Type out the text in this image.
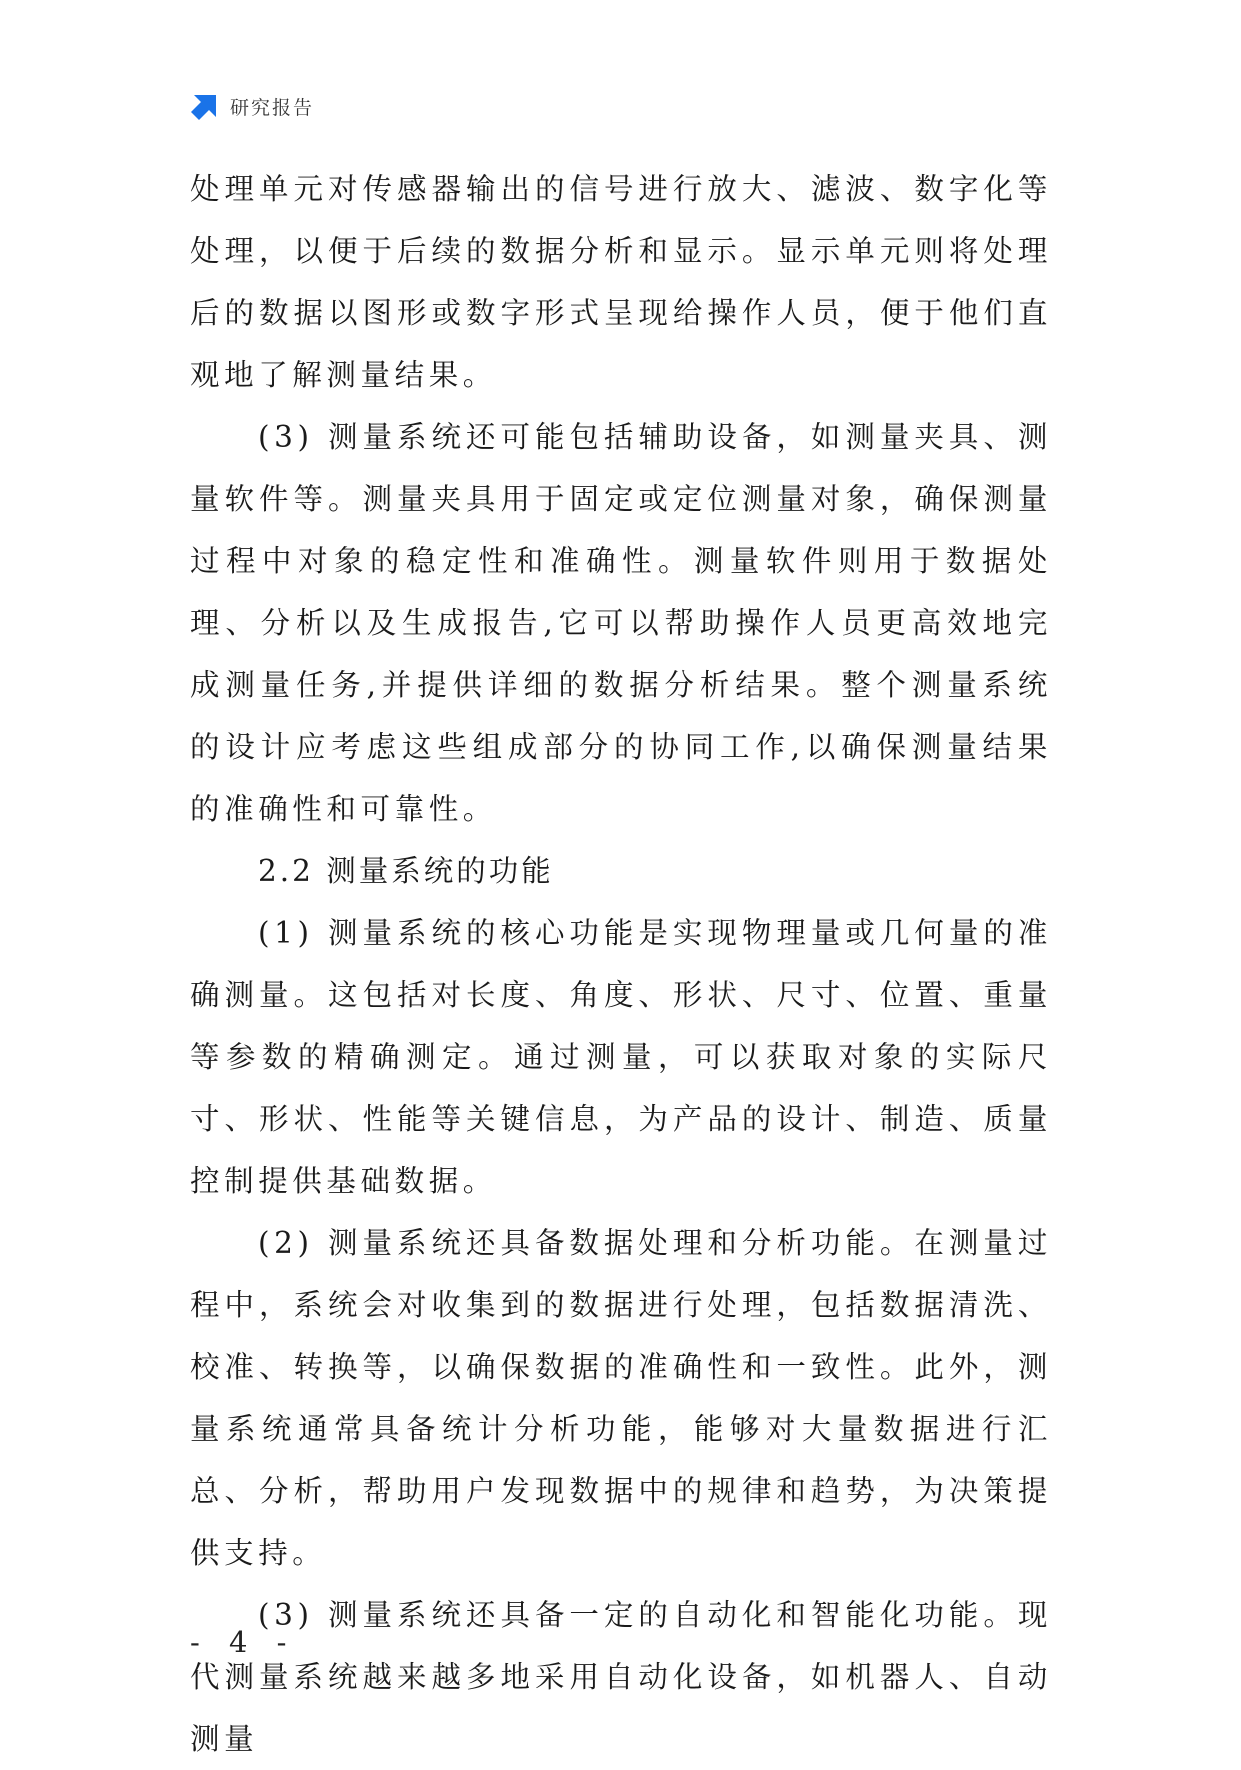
研究报告

处理单元对传感器输出的信号进行放大、滤波、数字化等处理，以便于后续的数据分析和显示。显示单元则将处理后的数据以图形或数字形式呈现给操作人员，便于他们直观地了解测量结果。

(3) 测量系统还可能包括辅助设备，如测量夹具、测量软件等。测量夹具用于固定或定位测量对象，确保测量过程中对象的稳定性和准确性。测量软件则用于数据处理、分析以及生成报告,它可以帮助操作人员更高效地完成测量任务,并提供详细的数据分析结果。整个测量系统的设计应考虑这些组成部分的协同工作,以确保测量结果的准确性和可靠性。

2.2 测量系统的功能

(1) 测量系统的核心功能是实现物理量或几何量的准确测量。这包括对长度、角度、形状、尺寸、位置、重量等参数的精确测定。通过测量，可以获取对象的实际尺寸、形状、性能等关键信息，为产品的设计、制造、质量控制提供基础数据。

(2) 测量系统还具备数据处理和分析功能。在测量过程中，系统会对收集到的数据进行处理，包括数据清洗、校准、转换等，以确保数据的准确性和一致性。此外，测量系统通常具备统计分析功能，能够对大量数据进行汇总、分析，帮助用户发现数据中的规律和趋势，为决策提供支持。

(3) 测量系统还具备一定的自动化和智能化功能。现代测量系统越来越多地采用自动化设备，如机器人、自动测量

- 4 -
